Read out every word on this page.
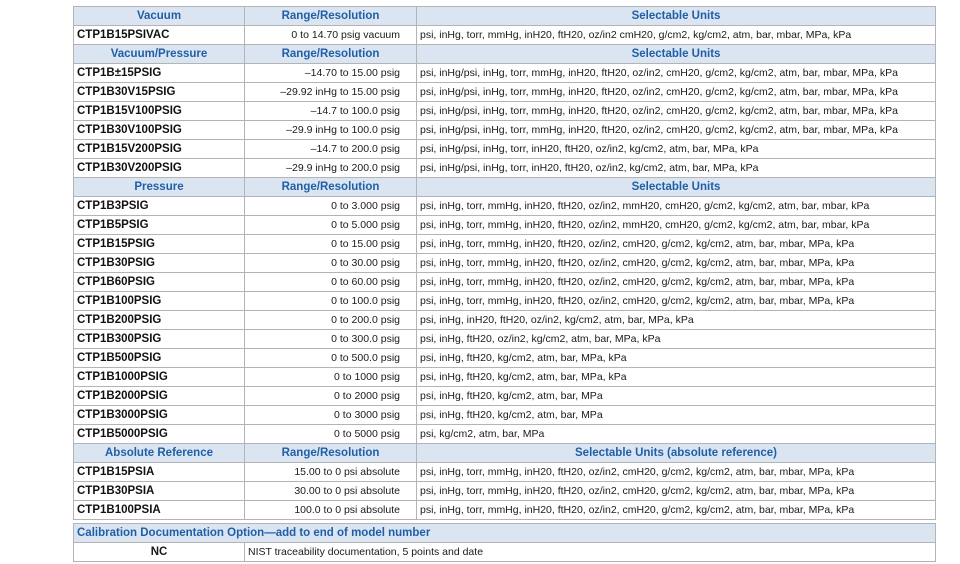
Vacuum	Range/Resolution	Selectable Units
CTP1B15PSIVAC	0 to 14.70 psig vacuum	psi, inHg, torr, mmHg, inH20, ftH20, oz/in2 cmH20, g/cm2, kg/cm2, atm, bar, mbar, MPa, kPa
Vacuum/Pressure	Range/Resolution	Selectable Units
CTP1B±15PSIG	–14.70 to 15.00 psig	psi, inHg/psi, inHg, torr, mmHg, inH20, ftH20, oz/in2, cmH20, g/cm2, kg/cm2, atm, bar, mbar, MPa, kPa
CTP1B30V15PSIG	–29.92 inHg to 15.00 psig	psi, inHg/psi, inHg, torr, mmHg, inH20, ftH20, oz/in2, cmH20, g/cm2, kg/cm2, atm, bar, mbar, MPa, kPa
CTP1B15V100PSIG	–14.7 to 100.0 psig	psi, inHg/psi, inHg, torr, mmHg, inH20, ftH20, oz/in2, cmH20, g/cm2, kg/cm2, atm, bar, mbar, MPa, kPa
CTP1B30V100PSIG	–29.9 inHg to 100.0 psig	psi, inHg/psi, inHg, torr, mmHg, inH20, ftH20, oz/in2, cmH20, g/cm2, kg/cm2, atm, bar, mbar, MPa, kPa
CTP1B15V200PSIG	–14.7 to 200.0 psig	psi, inHg/psi, inHg, torr, inH20, ftH20, oz/in2, kg/cm2, atm, bar, MPa, kPa
CTP1B30V200PSIG	–29.9 inHg to 200.0 psig	psi, inHg/psi, inHg, torr, inH20, ftH20, oz/in2, kg/cm2, atm, bar, MPa, kPa
Pressure	Range/Resolution	Selectable Units
CTP1B3PSIG	0 to 3.000 psig	psi, inHg, torr, mmHg, inH20, ftH20, oz/in2, mmH20, cmH20, g/cm2, kg/cm2, atm, bar, mbar, kPa
CTP1B5PSIG	0 to 5.000 psig	psi, inHg, torr, mmHg, inH20, ftH20, oz/in2, mmH20, cmH20, g/cm2, kg/cm2, atm, bar, mbar, kPa
CTP1B15PSIG	0 to 15.00 psig	psi, inHg, torr, mmHg, inH20, ftH20, oz/in2, cmH20, g/cm2, kg/cm2, atm, bar, mbar, MPa, kPa
CTP1B30PSIG	0 to 30.00 psig	psi, inHg, torr, mmHg, inH20, ftH20, oz/in2, cmH20, g/cm2, kg/cm2, atm, bar, mbar, MPa, kPa
CTP1B60PSIG	0 to 60.00 psig	psi, inHg, torr, mmHg, inH20, ftH20, oz/in2, cmH20, g/cm2, kg/cm2, atm, bar, mbar, MPa, kPa
CTP1B100PSIG	0 to 100.0 psig	psi, inHg, torr, mmHg, inH20, ftH20, oz/in2, cmH20, g/cm2, kg/cm2, atm, bar, mbar, MPa, kPa
CTP1B200PSIG	0 to 200.0 psig	psi, inHg, inH20, ftH20, oz/in2, kg/cm2, atm, bar, MPa, kPa
CTP1B300PSIG	0 to 300.0 psig	psi, inHg, ftH20, oz/in2, kg/cm2, atm, bar, MPa, kPa
CTP1B500PSIG	0 to 500.0 psig	psi, inHg, ftH20, kg/cm2, atm, bar, MPa, kPa
CTP1B1000PSIG	0 to 1000 psig	psi, inHg, ftH20, kg/cm2, atm, bar, MPa, kPa
CTP1B2000PSIG	0 to 2000 psig	psi, inHg, ftH20, kg/cm2, atm, bar, MPa
CTP1B3000PSIG	0 to 3000 psig	psi, inHg, ftH20, kg/cm2, atm, bar, MPa
CTP1B5000PSIG	0 to 5000 psig	psi, kg/cm2, atm, bar, MPa
Absolute Reference	Range/Resolution	Selectable Units (absolute reference)
CTP1B15PSIA	15.00 to 0 psi absolute	psi, inHg, torr, mmHg, inH20, ftH20, oz/in2, cmH20, g/cm2, kg/cm2, atm, bar, mbar, MPa, kPa
CTP1B30PSIA	30.00 to 0 psi absolute	psi, inHg, torr, mmHg, inH20, ftH20, oz/in2, cmH20, g/cm2, kg/cm2, atm, bar, mbar, MPa, kPa
CTP1B100PSIA	100.0 to 0 psi absolute	psi, inHg, torr, mmHg, inH20, ftH20, oz/in2, cmH20, g/cm2, kg/cm2, atm, bar, mbar, MPa, kPa
Calibration Documentation Option—add to end of model number
NC	NIST traceability documentation, 5 points and date
